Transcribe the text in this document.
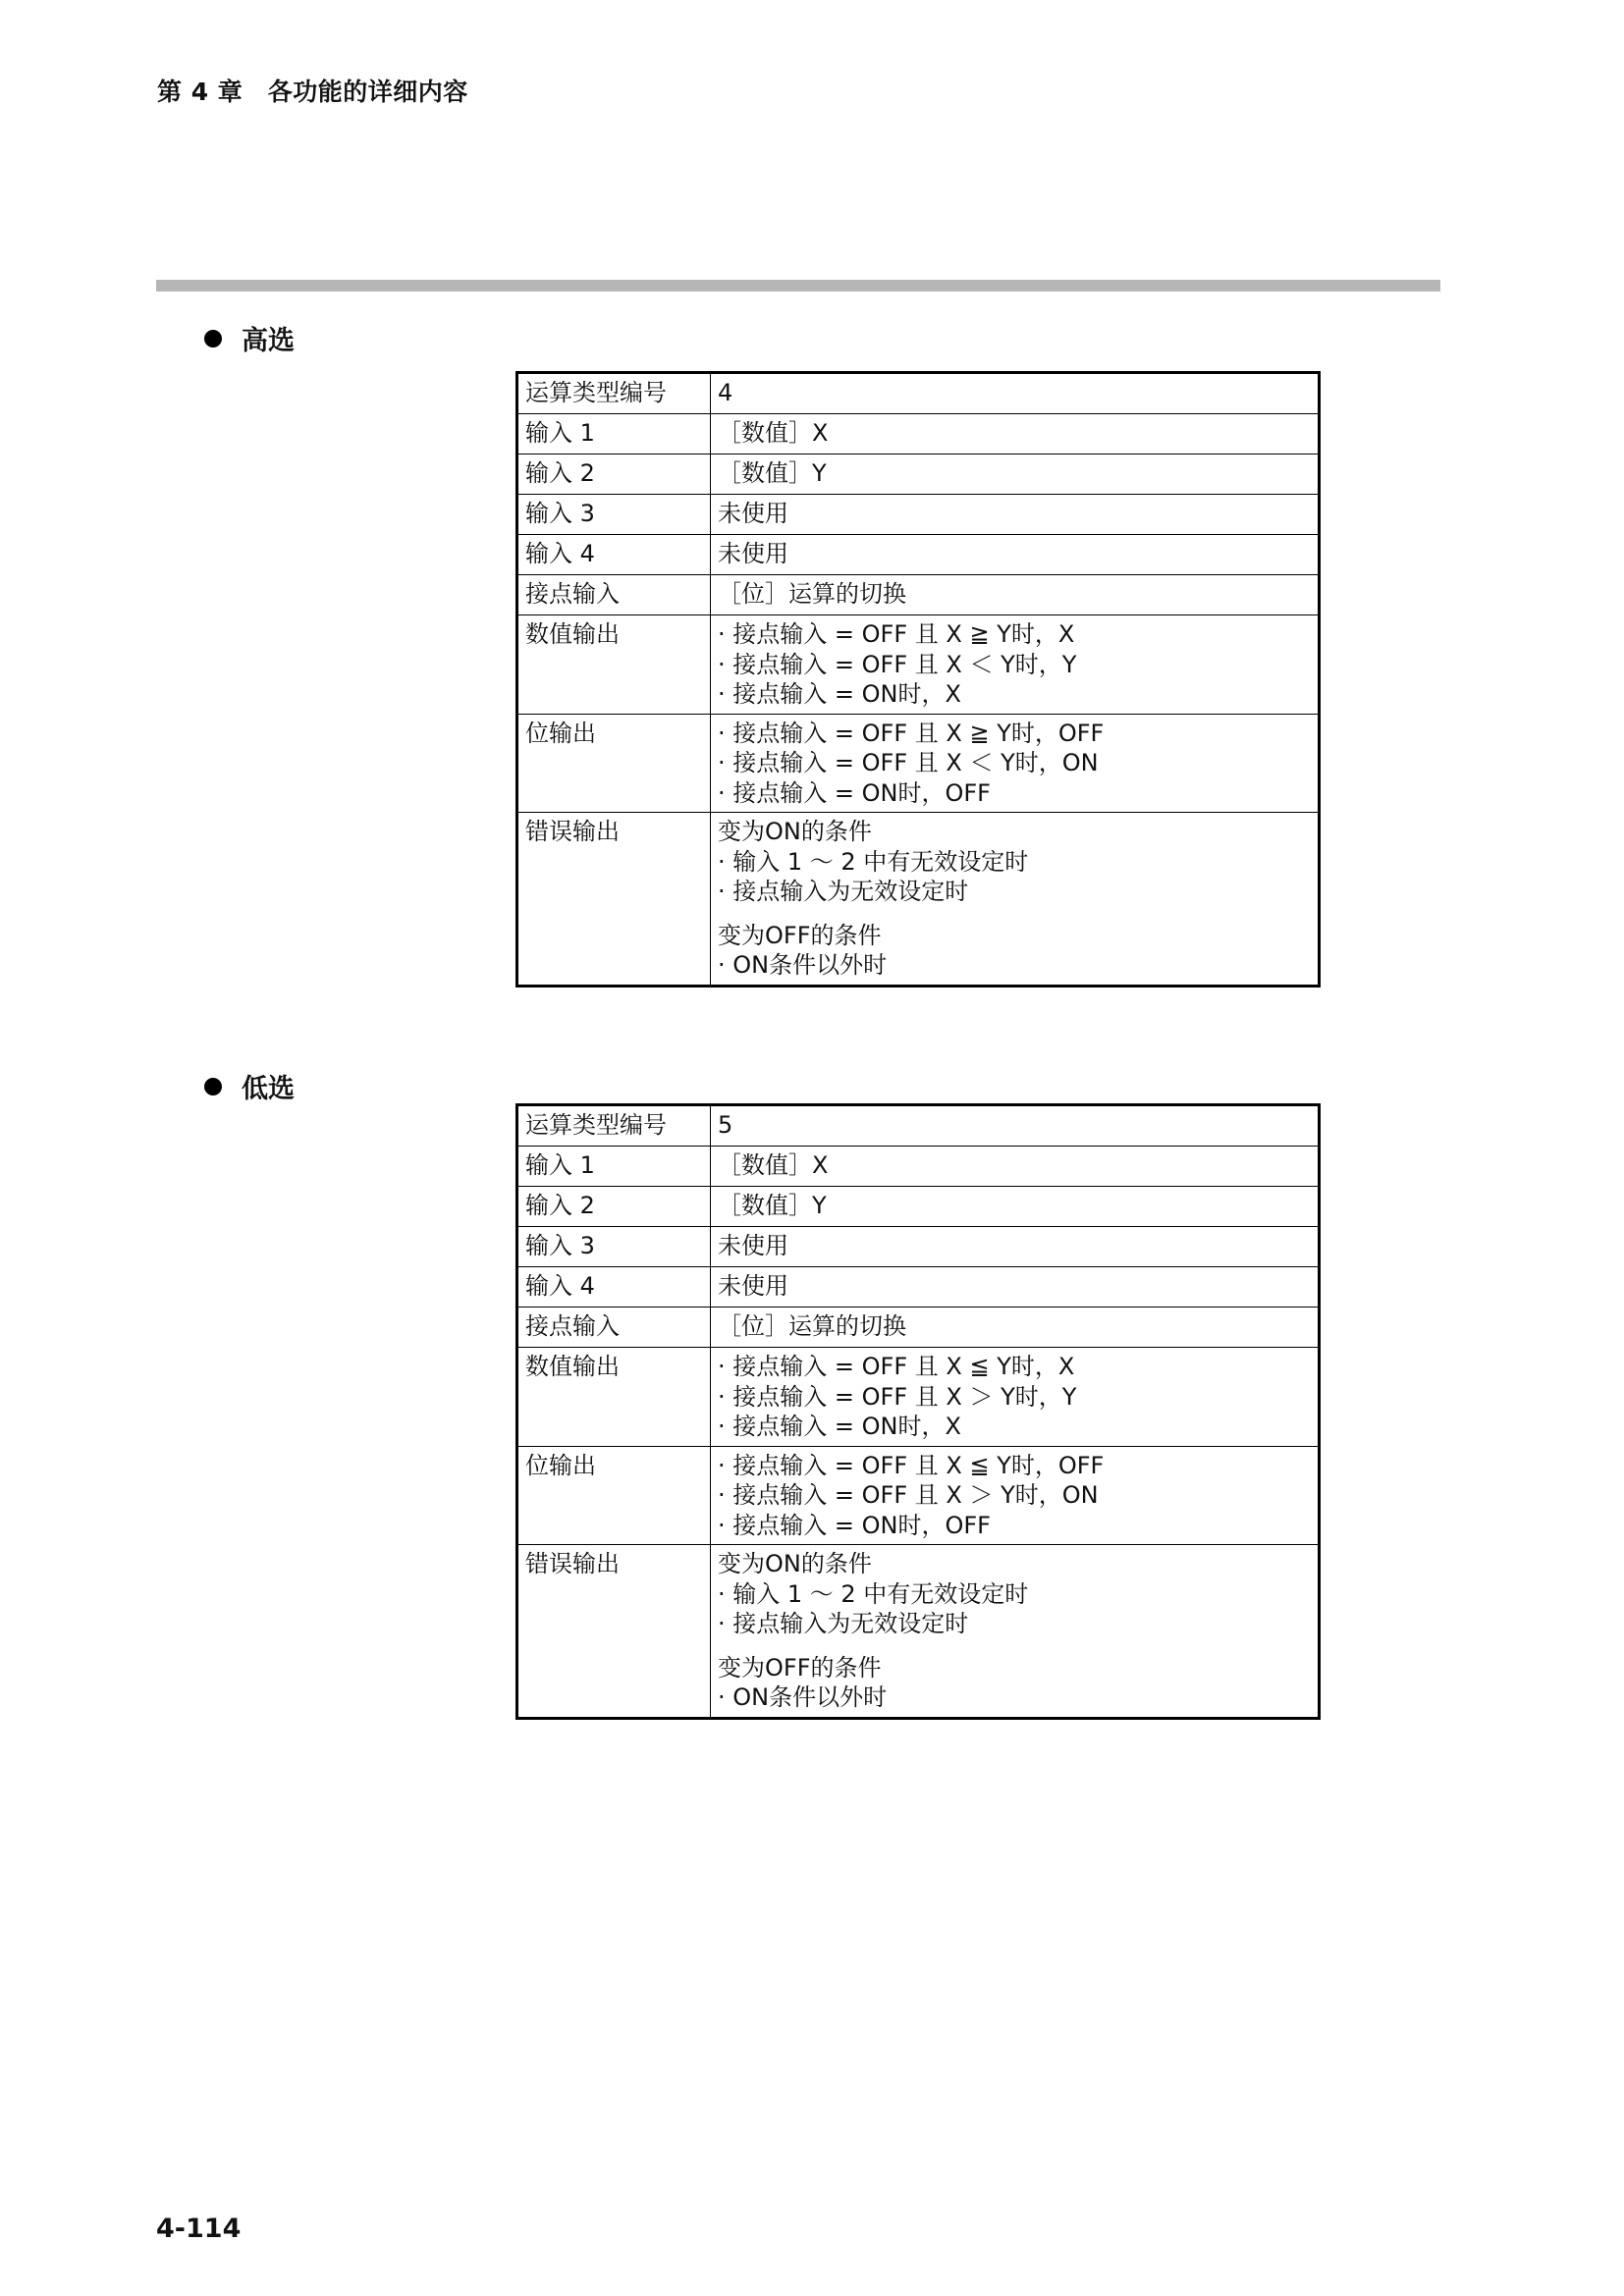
第 4 章　各功能的详细内容
高选
运算类型编号	4

输入 1	［数值］X

输入 2	［数值］Y

输入 3	未使用

输入 4	未使用

接点输入	［位］运算的切换

数值输出	· 接点输入 = OFF 且 X ≧ Y时，X
· 接点输入 = OFF 且 X ＜ Y时，Y
· 接点输入 = ON时，X

位输出	· 接点输入 = OFF 且 X ≧ Y时，OFF
· 接点输入 = OFF 且 X ＜ Y时，ON
· 接点输入 = ON时，OFF

错误输出	变为ON的条件
· 输入 1 ～ 2 中有无效设定时
· 接点输入为无效设定时
变为OFF的条件
· ON条件以外时
低选
运算类型编号	5

输入 1	［数值］X

输入 2	［数值］Y

输入 3	未使用

输入 4	未使用

接点输入	［位］运算的切换

数值输出	· 接点输入 = OFF 且 X ≦ Y时，X
· 接点输入 = OFF 且 X ＞ Y时，Y
· 接点输入 = ON时，X

位输出	· 接点输入 = OFF 且 X ≦ Y时，OFF
· 接点输入 = OFF 且 X ＞ Y时，ON
· 接点输入 = ON时，OFF

错误输出	变为ON的条件
· 输入 1 ～ 2 中有无效设定时
· 接点输入为无效设定时
变为OFF的条件
· ON条件以外时
4-114
